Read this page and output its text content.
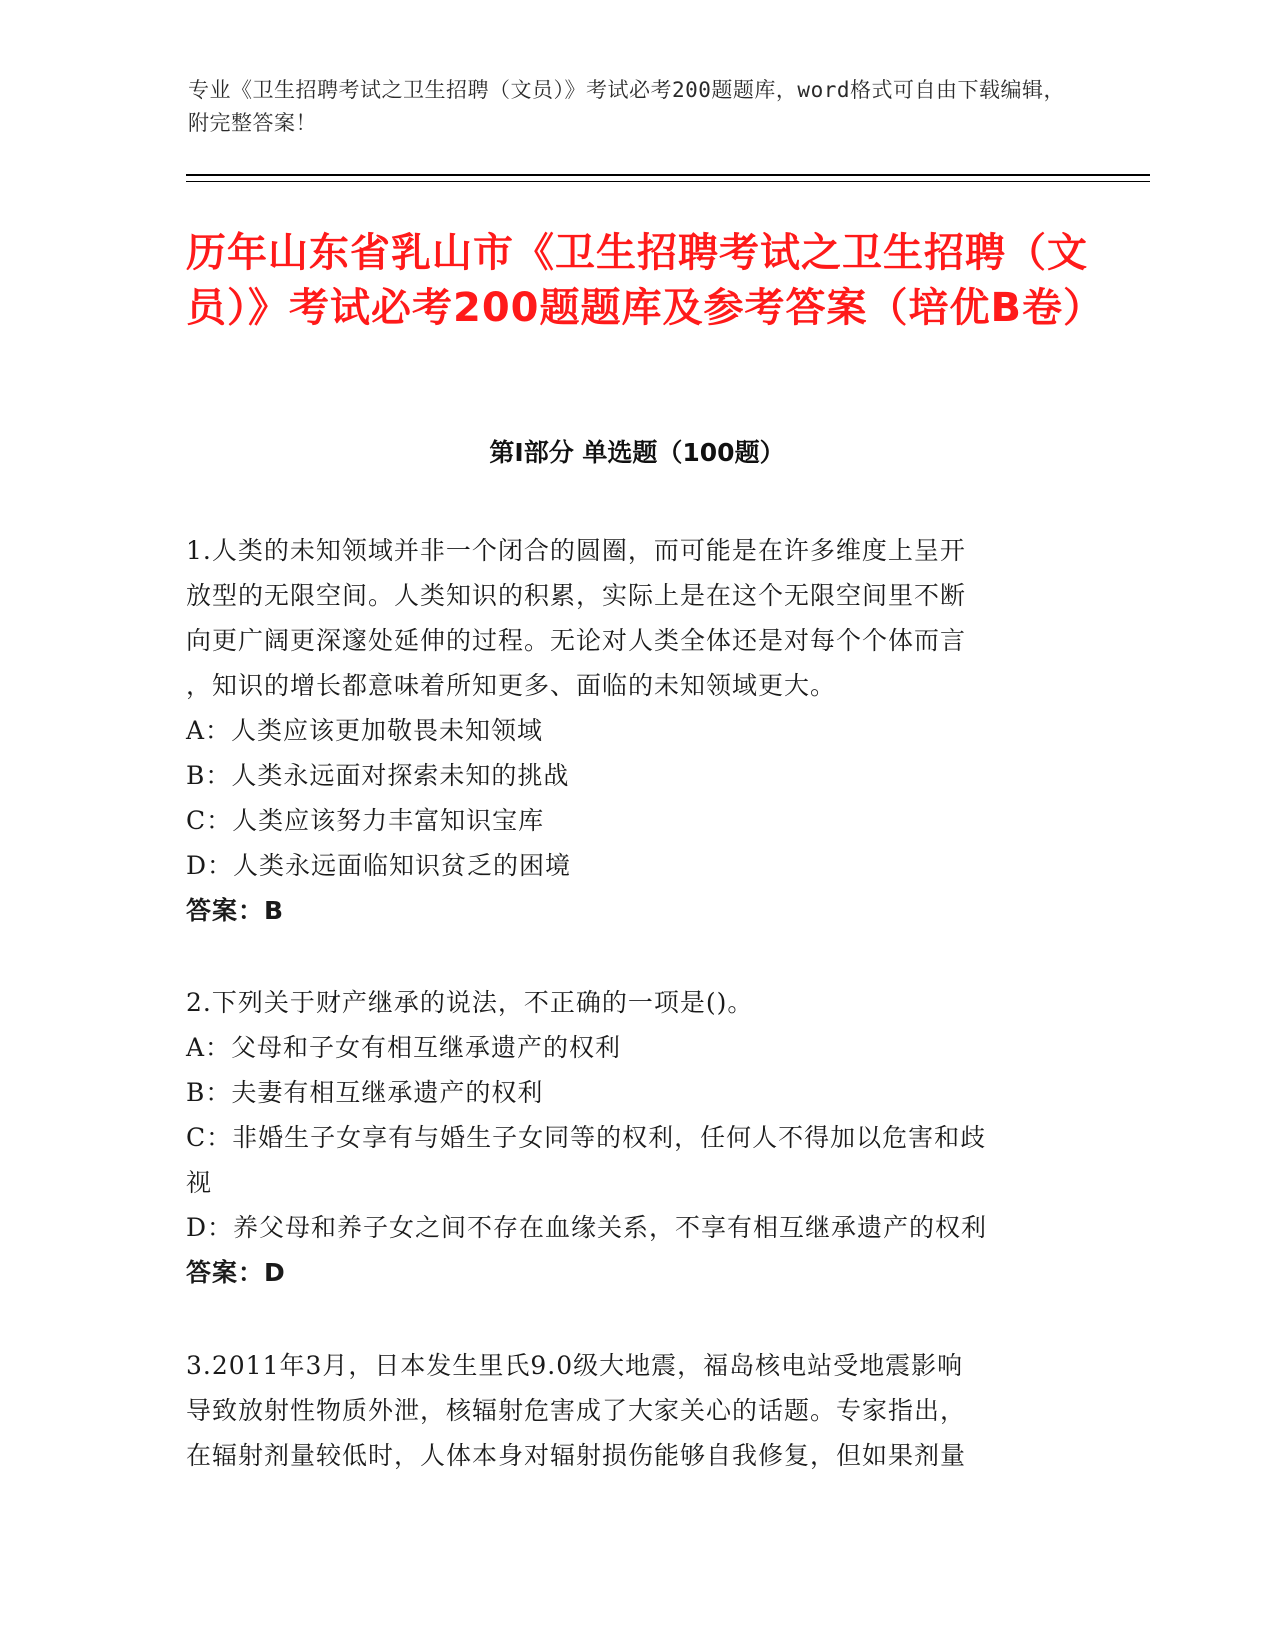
专业《卫生招聘考试之卫生招聘（文员）》考试必考200题题库，word格式可自由下载编辑，附完整答案！
历年山东省乳山市《卫生招聘考试之卫生招聘（文员）》考试必考200题题库及参考答案（培优B卷）
第I部分 单选题（100题）
1.人类的未知领域并非一个闭合的圆圈，而可能是在许多维度上呈开
放型的无限空间。人类知识的积累，实际上是在这个无限空间里不断
向更广阔更深邃处延伸的过程。无论对人类全体还是对每个个体而言
，知识的增长都意味着所知更多、面临的未知领域更大。
A：人类应该更加敬畏未知领域
B：人类永远面对探索未知的挑战
C：人类应该努力丰富知识宝库
D：人类永远面临知识贫乏的困境
答案：B
2.下列关于财产继承的说法，不正确的一项是()。
A：父母和子女有相互继承遗产的权利
B：夫妻有相互继承遗产的权利
C：非婚生子女享有与婚生子女同等的权利，任何人不得加以危害和歧
视
D：养父母和养子女之间不存在血缘关系，不享有相互继承遗产的权利
答案：D
3.2011年3月，日本发生里氏9.0级大地震，福岛核电站受地震影响
导致放射性物质外泄，核辐射危害成了大家关心的话题。专家指出，
在辐射剂量较低时，人体本身对辐射损伤能够自我修复，但如果剂量
